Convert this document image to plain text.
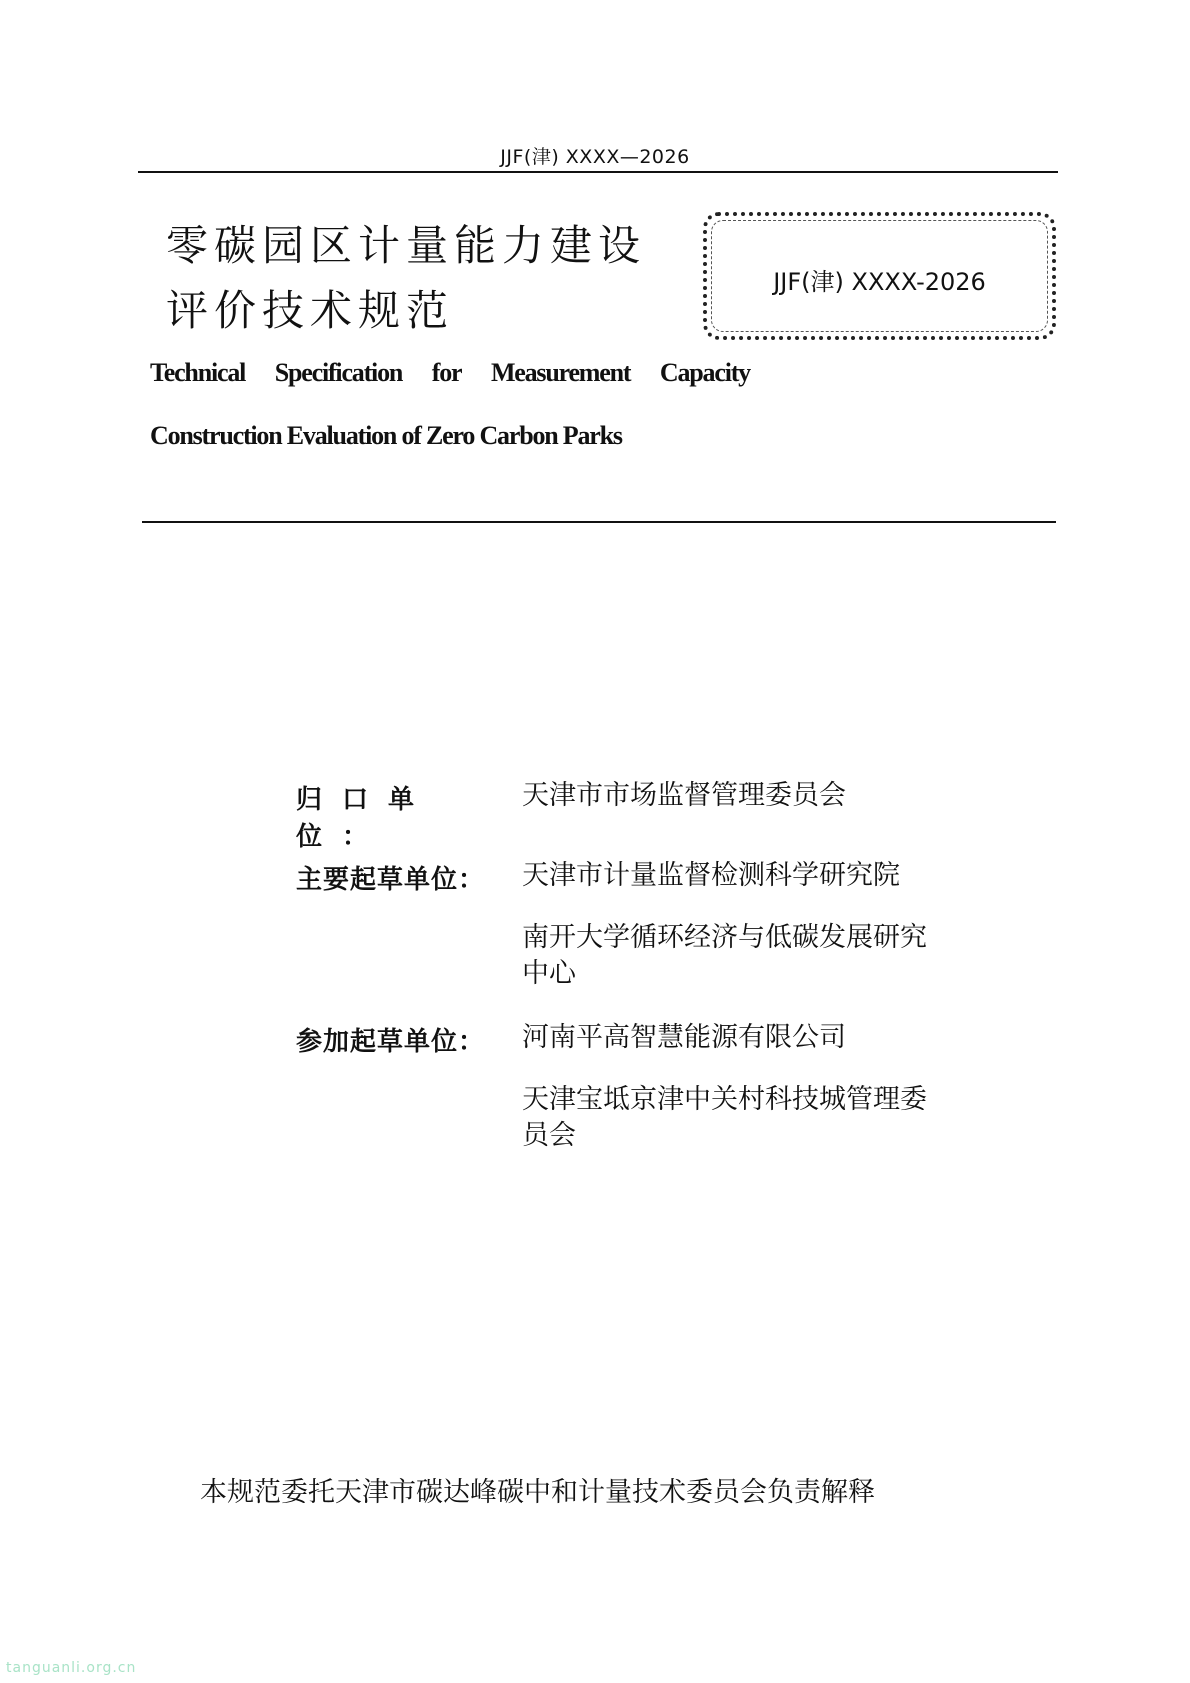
JJF(津) XXXX—2026
零碳园区计量能力建设
评价技术规范
JJF(津) XXXX-2026
Technical Specification for Measurement Capacity
Construction Evaluation of Zero Carbon Parks
归口单位：
天津市市场监督管理委员会
主要起草单位：	天津市计量监督检测科学研究院
南开大学循环经济与低碳发展研究中心
参加起草单位：	河南平高智慧能源有限公司
天津宝坻京津中关村科技城管理委员会
本规范委托天津市碳达峰碳中和计量技术委员会负责解释
tanguanli.org.cn
